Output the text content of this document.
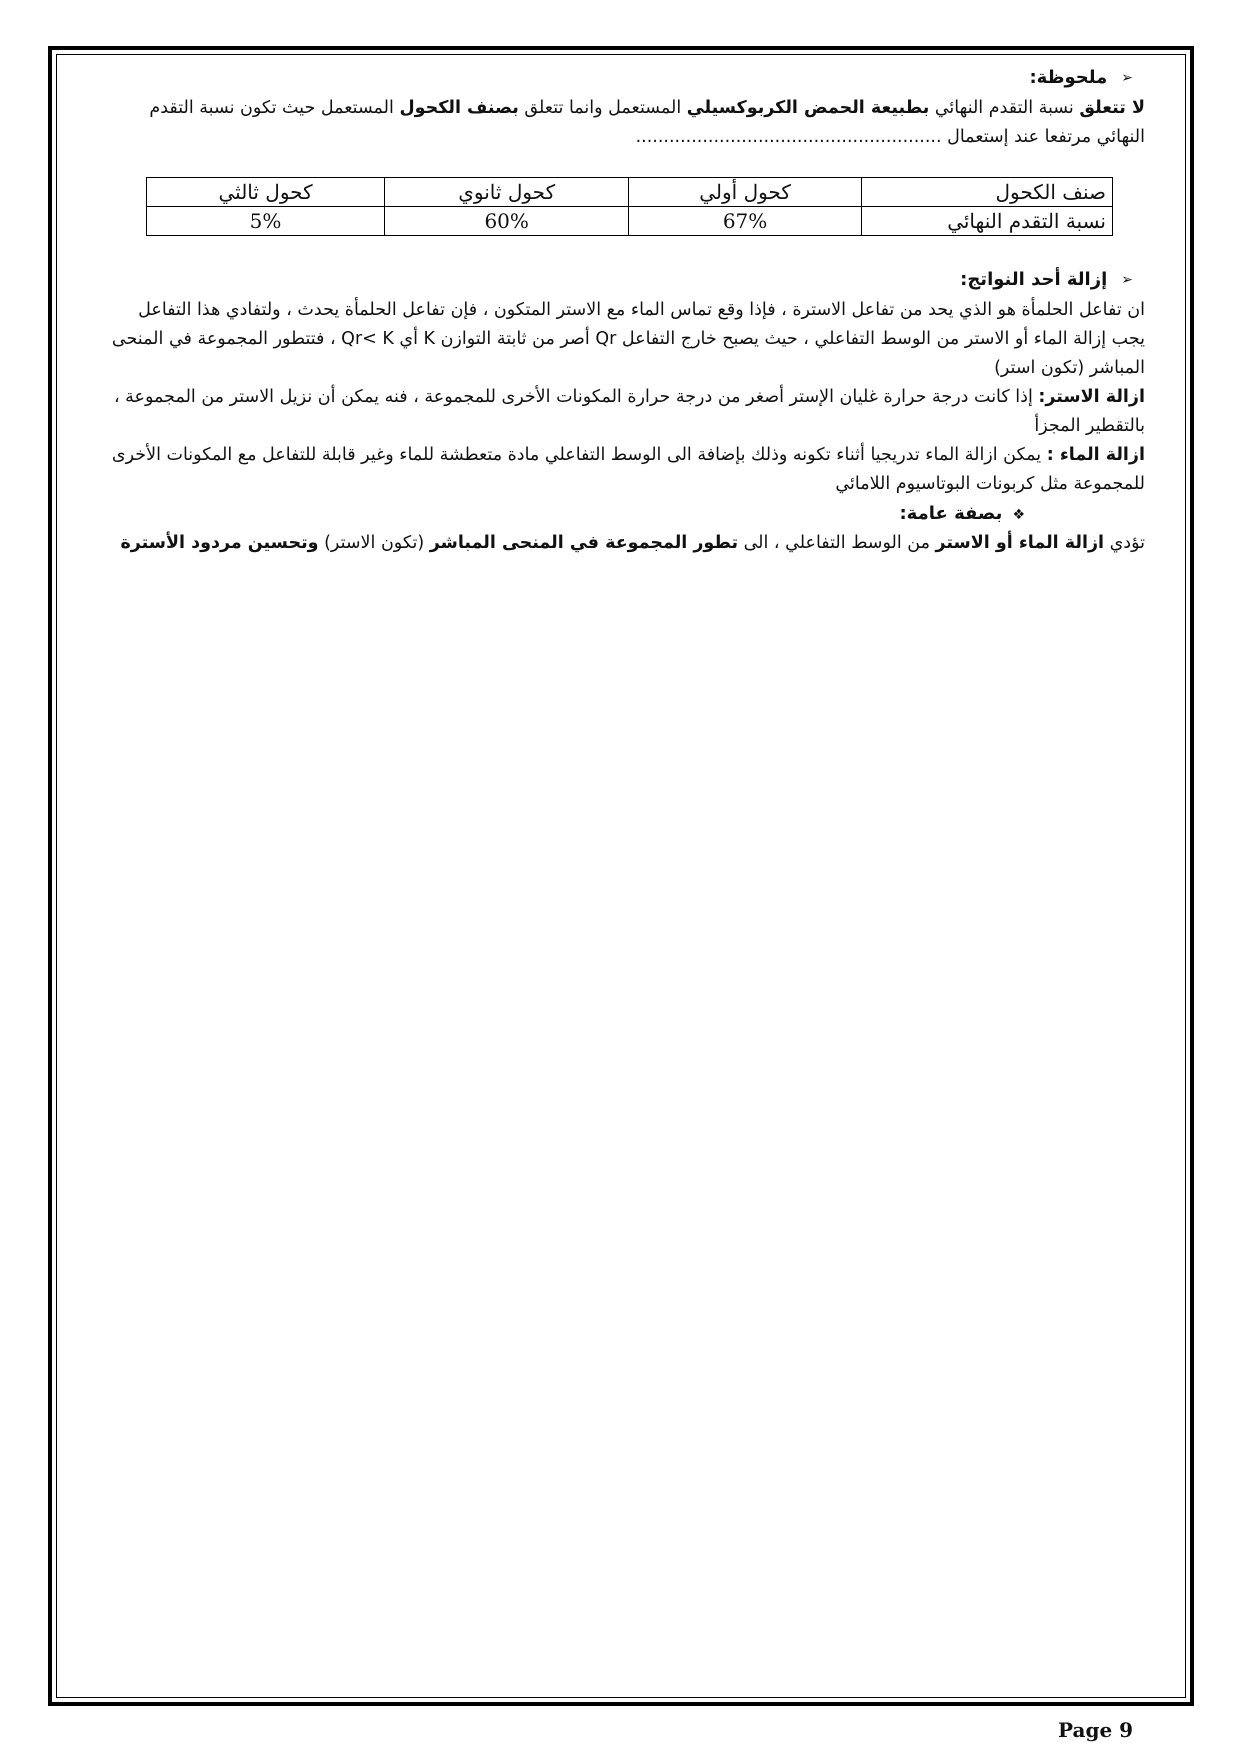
➢ملحوظة:

لا تتعلق نسبة التقدم النهائي بطبيعة الحمض الكربوكسيلي المستعمل وانما تتعلق بصنف الكحول المستعمل حيث تكون نسبة التقدم النهائي مرتفعا عند إستعمال .......................................................

صنف الكحول	كحول أولي	كحول ثانوي	كحول ثالثي
نسبة التقدم النهائي	67%	60%	5%
➢إزالة أحد النواتج:

ان تفاعل الحلمأة هو الذي يحد من تفاعل الاسترة ، فإذا وقع تماس الماء مع الاستر المتكون ، فإن تفاعل الحلمأة يحدث ، ولتفادي هذا التفاعل يجب إزالة الماء أو الاستر من الوسط التفاعلي ، حيث يصبح خارج التفاعل Qr أصر من ثابتة التوازن K أي Qr< K ، فتتطور المجموعة في المنحى المباشر (تكون استر)

ازالة الاستر: إذا كانت درجة حرارة غليان الإستر أصغر من درجة حرارة المكونات الأخرى للمجموعة ، فنه يمكن أن نزيل الاستر من المجموعة ، بالتقطير المجزأ

ازالة الماء : يمكن ازالة الماء تدريجيا أثناء تكونه وذلك بإضافة الى الوسط التفاعلي مادة متعطشة للماء وغير قابلة للتفاعل مع المكونات الأخرى للمجموعة مثل كربونات البوتاسيوم اللامائي

❖بصفة عامة:

تؤدي ازالة الماء أو الاستر من الوسط التفاعلي ، الى تطور المجموعة في المنحى المباشر (تكون الاستر) وتحسين مردود الأسترة

Page 9
